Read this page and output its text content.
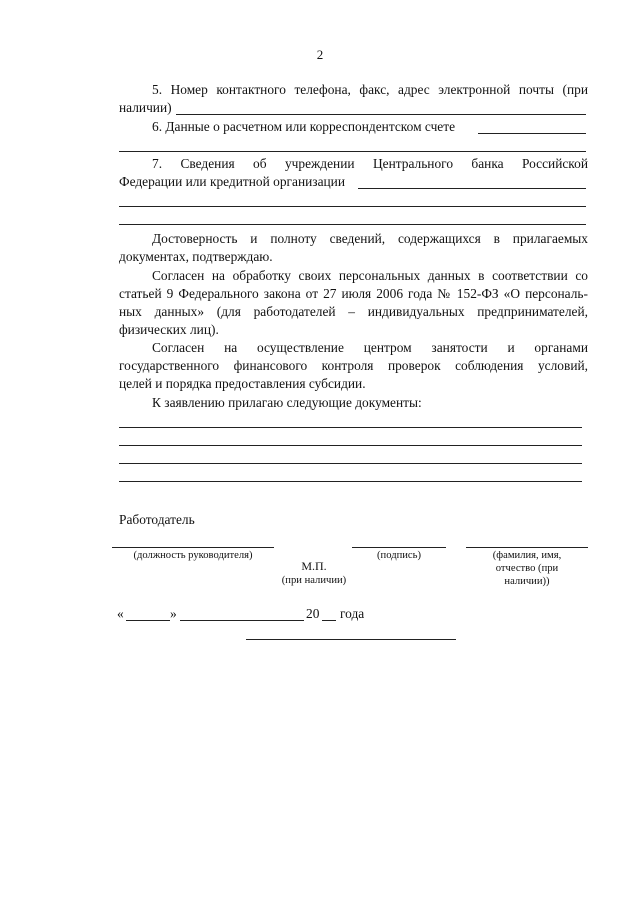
2
5. Номер контактного телефона, факс, адрес электронной почты (при
наличии)
6. Данные о расчетном или корреспондентском счете
7. Сведения об учреждении Центрального банка Российской
Федерации или кредитной организации
Достоверность и полноту сведений, содержащихся в прилагаемых
документах, подтверждаю.
Согласен на обработку своих персональных данных в соответствии со
статьей 9 Федерального закона от 27 июля 2006 года № 152-ФЗ «О персональ-
ных данных» (для работодателей – индивидуальных предпринимателей,
физических лиц).
Согласен на осуществление центром занятости и органами
государственного финансового контроля проверок соблюдения условий,
целей и порядка предоставления субсидии.
К заявлению прилагаю следующие документы:
Работодатель
(должность руководителя)	(подпись)	(фамилия, имя,
отчество (при
наличии))
М.П.
(при наличии)
«	»	20 года
